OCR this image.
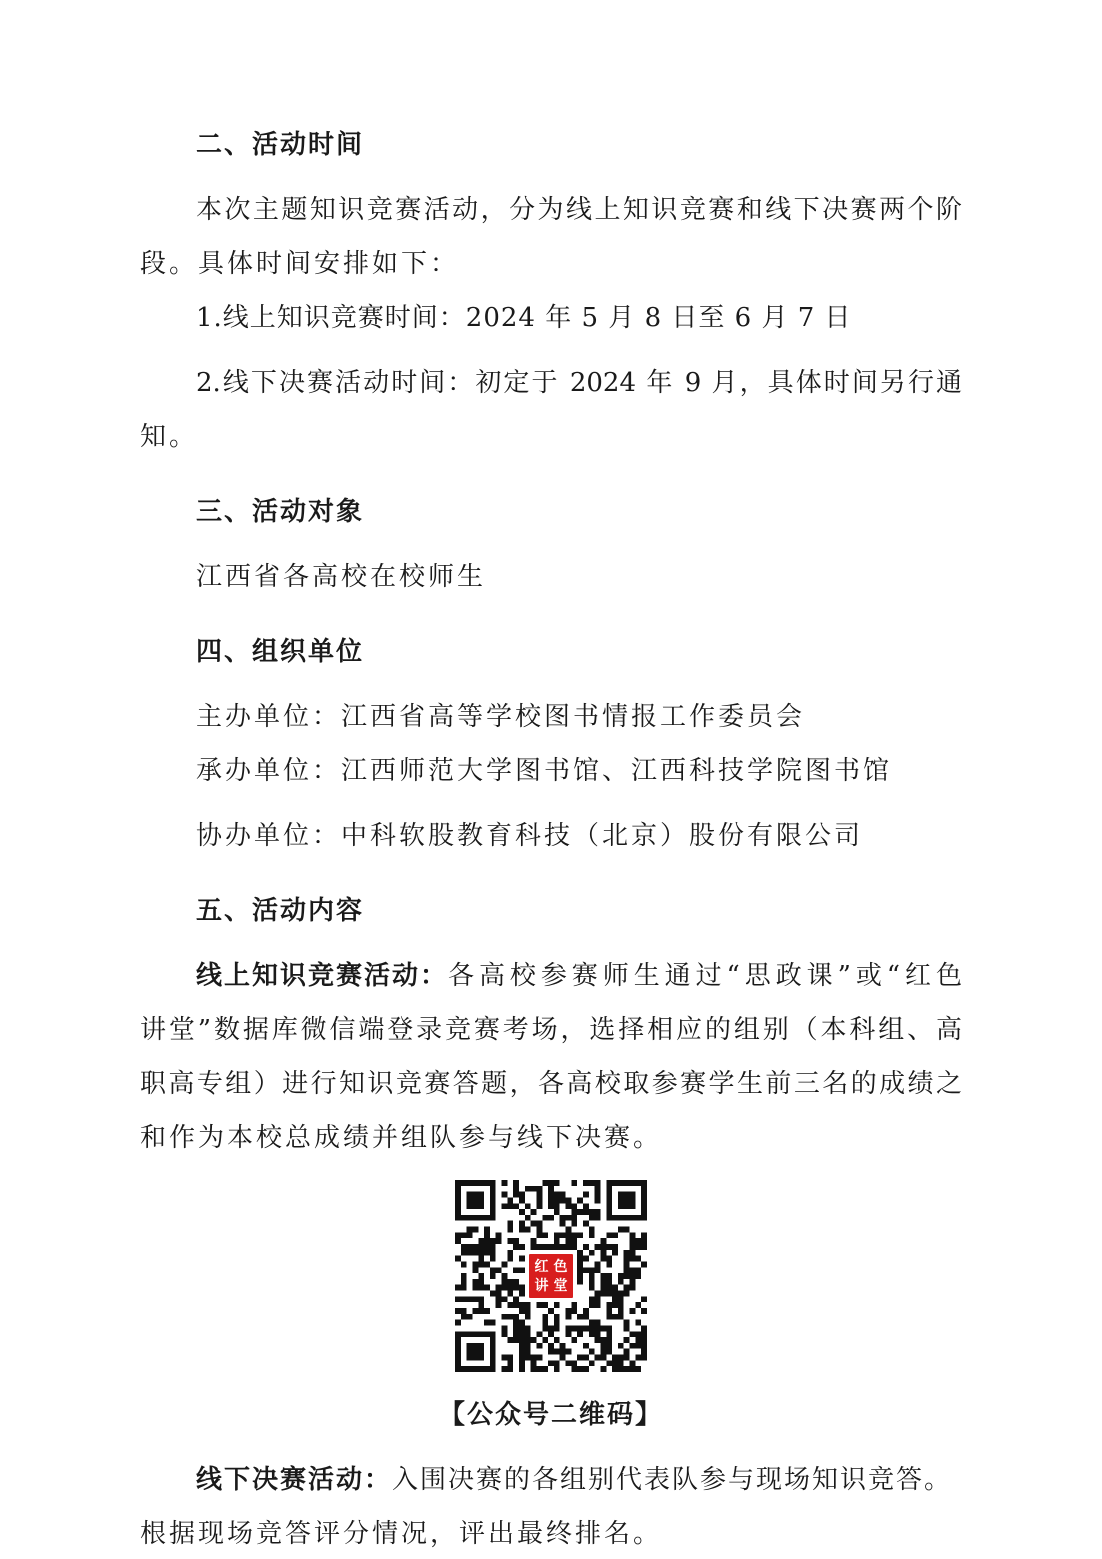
二、活动时间
本次主题知识竞赛活动，分为线上知识竞赛和线下决赛两个阶
段。具体时间安排如下：
1.线上知识竞赛时间：2024 年 5 月 8 日至 6 月 7 日
2.线下决赛活动时间：初定于 2024 年 9 月，具体时间另行通
知。
三、活动对象
江西省各高校在校师生
四、组织单位
主办单位：江西省高等学校图书情报工作委员会
承办单位：江西师范大学图书馆、江西科技学院图书馆
协办单位：中科软股教育科技（北京）股份有限公司
五、活动内容
线上知识竞赛活动： 各高校参赛师生通过“思政课”或“红色
讲堂”数据库微信端登录竞赛考场，选择相应的组别（本科组、高
职高专组）进行知识竞赛答题，各高校取参赛学生前三名的成绩之
和作为本校总成绩并组队参与线下决赛。
红 色
讲 堂
【公众号二维码】
线下决赛活动：入围决赛的各组别代表队参与现场知识竞答。
根据现场竞答评分情况，评出最终排名。
